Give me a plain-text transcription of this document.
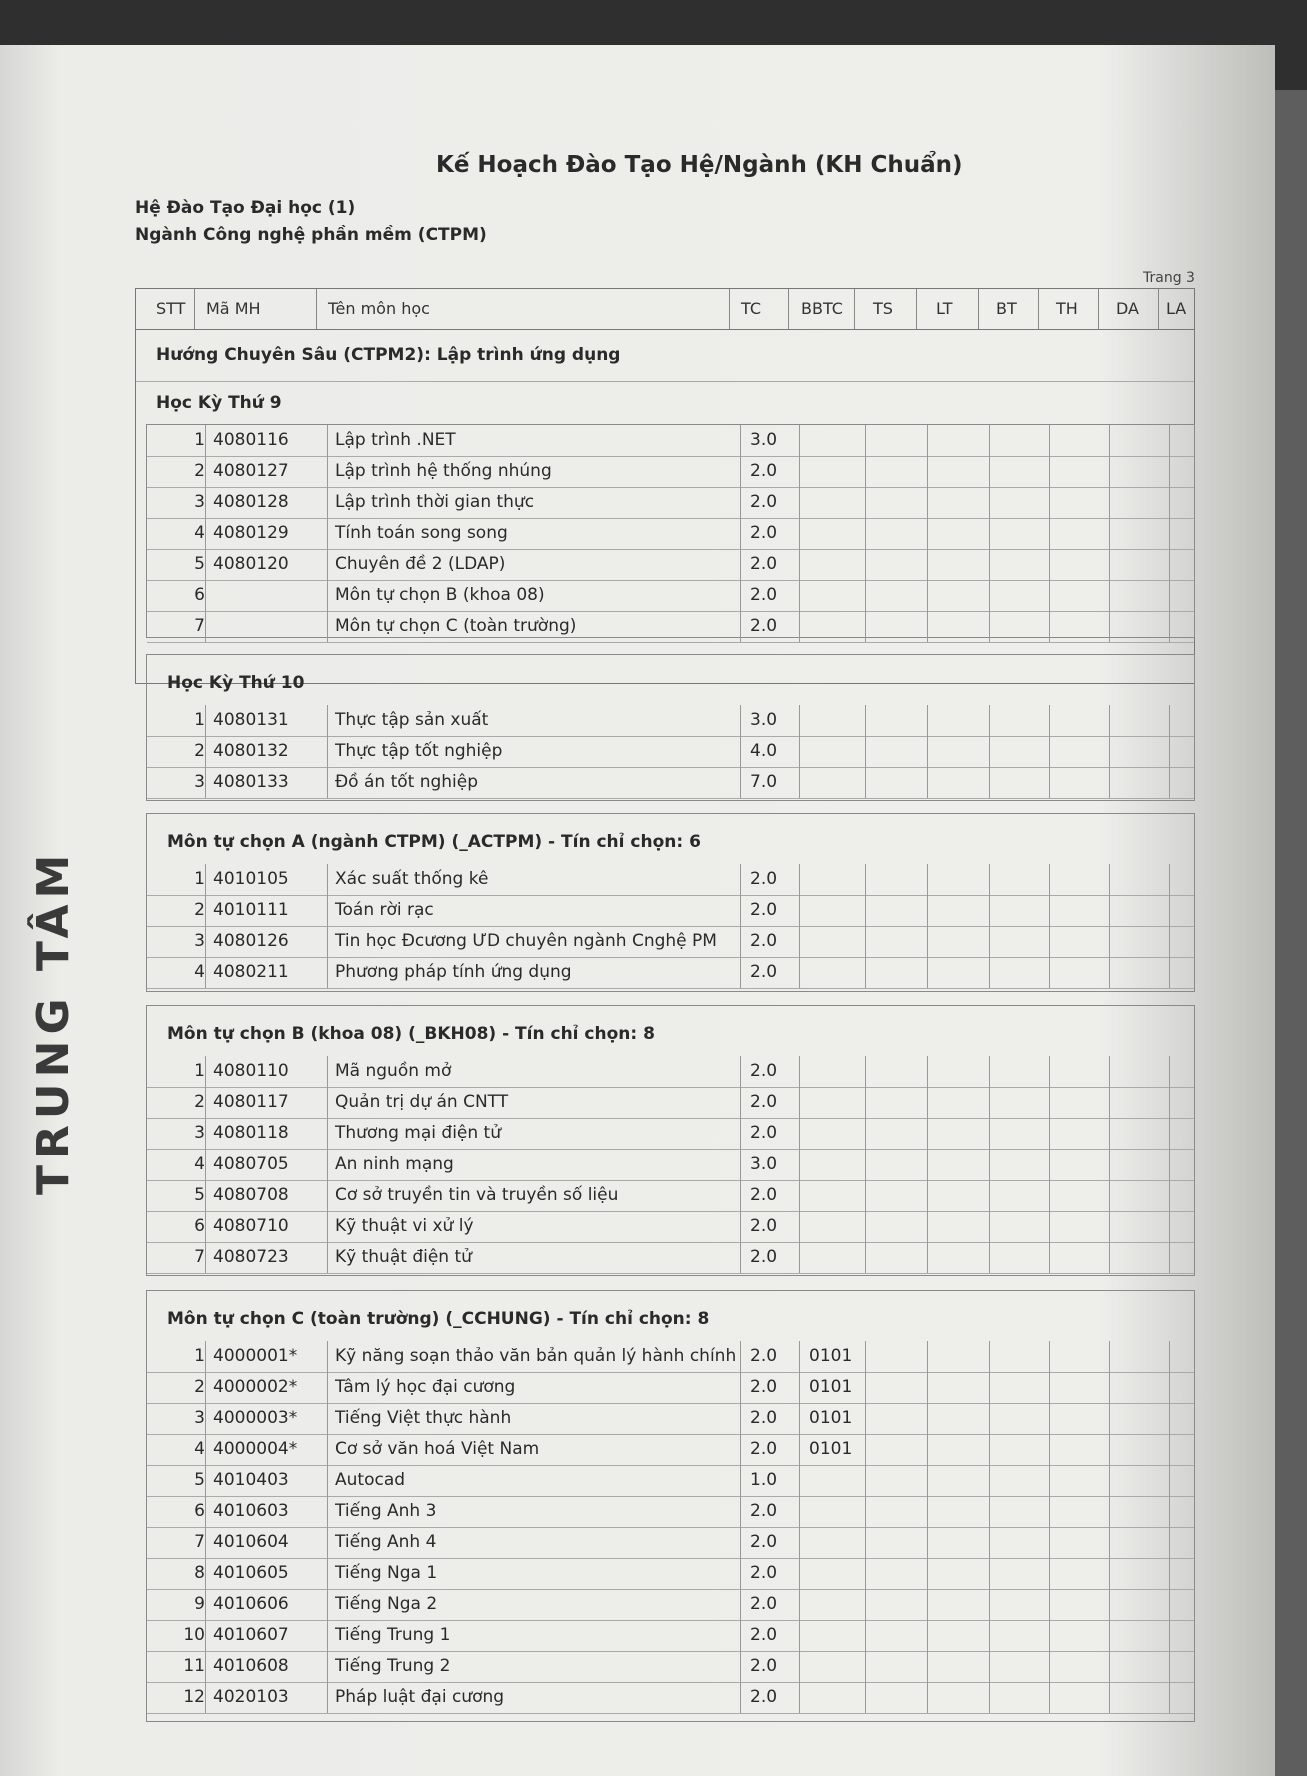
TRUNG TÂM
Kế Hoạch Đào Tạo Hệ/Ngành (KH Chuẩn)
Hệ Đào Tạo Đại học (1)
Ngành Công nghệ phần mềm (CTPM)
Trang 3
STT Mã MH	Tên môn học	TC BBTC TS	LT	BT TH DA LA
Hướng Chuyên Sâu (CTPM2): Lập trình ứng dụng
Học Kỳ Thứ 9
1 4080116	Lập trình .NET	3.0
2 4080127	Lập trình hệ thống nhúng	2.0
3 4080128	Lập trình thời gian thực	2.0
4 4080129	Tính toán song song	2.0
5 4080120	Chuyên đề 2 (LDAP)	2.0
6	Môn tự chọn B (khoa 08)	2.0
7	Môn tự chọn C (toàn trường)	2.0
Học Kỳ Thứ 10
1 4080131	Thực tập sản xuất	3.0
2 4080132	Thực tập tốt nghiệp	4.0
3 4080133	Đồ án tốt nghiệp	7.0
Môn tự chọn A (ngành CTPM) (_ACTPM) - Tín chỉ chọn: 6
1 4010105	Xác suất thống kê	2.0
2 4010111	Toán rời rạc	2.0
3 4080126	Tin học Đcương ƯD chuyên ngành Cnghệ PM 2.0
4 4080211	Phương pháp tính ứng dụng	2.0
Môn tự chọn B (khoa 08) (_BKH08) - Tín chỉ chọn: 8
1 4080110	Mã nguồn mở	2.0
2 4080117	Quản trị dự án CNTT	2.0
3 4080118	Thương mại điện tử	2.0
4 4080705	An ninh mạng	3.0
5 4080708	Cơ sở truyền tin và truyền số liệu	2.0
6 4080710	Kỹ thuật vi xử lý	2.0
7 4080723	Kỹ thuật điện tử	2.0
Môn tự chọn C (toàn trường) (_CCHUNG) - Tín chỉ chọn: 8
1 4000001* Kỹ năng soạn thảo văn bản quản lý hành chính 2.0 0101
2 4000002* Tâm lý học đại cương	2.0 0101
3 4000003* Tiếng Việt thực hành	2.0 0101
4 4000004* Cơ sở văn hoá Việt Nam	2.0 0101
5 4010403	Autocad	1.0
6 4010603	Tiếng Anh 3	2.0
7 4010604	Tiếng Anh 4	2.0
8 4010605	Tiếng Nga 1	2.0
9 4010606	Tiếng Nga 2	2.0
10 4010607	Tiếng Trung 1	2.0
11 4010608	Tiếng Trung 2	2.0
12 4020103	Pháp luật đại cương	2.0
